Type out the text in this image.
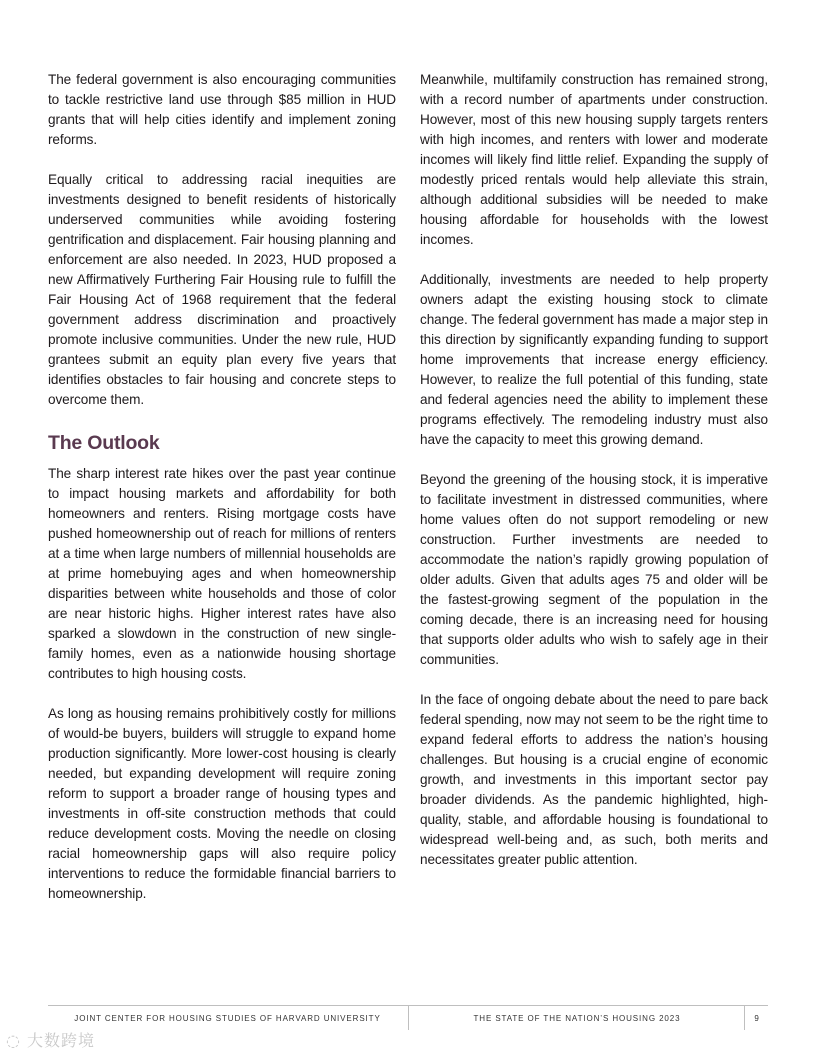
The federal government is also encouraging communities to tackle restrictive land use through $85 million in HUD grants that will help cities identify and implement zoning reforms.

Equally critical to addressing racial inequities are investments designed to benefit residents of historically underserved communities while avoiding fostering gentrification and displacement. Fair housing planning and enforcement are also needed. In 2023, HUD proposed a new Affirmatively Furthering Fair Housing rule to fulfill the Fair Housing Act of 1968 requirement that the federal government address discrimination and proactively promote inclusive communities. Under the new rule, HUD grantees submit an equity plan every five years that identifies obstacles to fair housing and concrete steps to overcome them.

The Outlook

The sharp interest rate hikes over the past year continue to impact housing markets and affordability for both homeowners and renters. Rising mortgage costs have pushed homeownership out of reach for millions of renters at a time when large numbers of millennial households are at prime homebuying ages and when homeownership disparities between white households and those of color are near historic highs. Higher interest rates have also sparked a slowdown in the construction of new single-family homes, even as a nationwide housing shortage contributes to high housing costs.

As long as housing remains prohibitively costly for millions of would-be buyers, builders will struggle to expand home production significantly. More lower-cost housing is clearly needed, but expanding development will require zoning reform to support a broader range of housing types and investments in off-site construction methods that could reduce development costs. Moving the needle on closing racial homeownership gaps will also require policy interventions to reduce the formidable financial barriers to homeownership.

Meanwhile, multifamily construction has remained strong, with a record number of apartments under construction. However, most of this new housing supply targets renters with high incomes, and renters with lower and moderate incomes will likely find little relief. Expanding the supply of modestly priced rentals would help alleviate this strain, although additional subsidies will be needed to make housing affordable for households with the lowest incomes.

Additionally, investments are needed to help property owners adapt the existing housing stock to climate change. The federal government has made a major step in this direction by significantly expanding funding to support home improvements that increase energy efficiency. However, to realize the full potential of this funding, state and federal agencies need the ability to implement these programs effectively. The remodeling industry must also have the capacity to meet this growing demand.

Beyond the greening of the housing stock, it is imperative to facilitate investment in distressed communities, where home values often do not support remodeling or new construction. Further investments are needed to accommodate the nation’s rapidly growing population of older adults. Given that adults ages 75 and older will be the fastest-growing segment of the population in the coming decade, there is an increasing need for housing that supports older adults who wish to safely age in their communities.

In the face of ongoing debate about the need to pare back federal spending, now may not seem to be the right time to expand federal efforts to address the nation’s housing challenges. But housing is a crucial engine of economic growth, and investments in this important sector pay broader dividends. As the pandemic highlighted, high-quality, stable, and affordable housing is foundational to widespread well-being and, as such, both merits and necessitates greater public attention.

JOINT CENTER FOR HOUSING STUDIES OF HARVARD UNIVERSITY	THE STATE OF THE NATION’S HOUSING 2023	9
◌ 大数跨境
